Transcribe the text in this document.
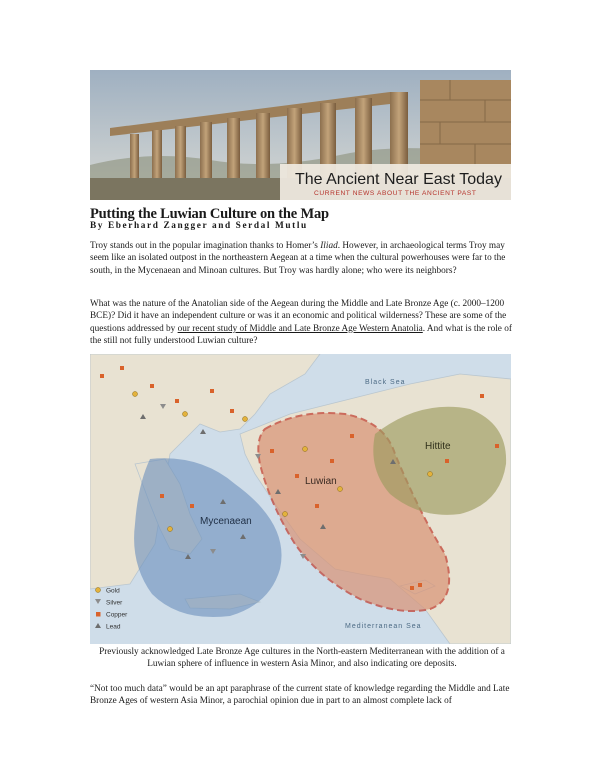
The Ancient Near East Today
CURRENT NEWS ABOUT THE ANCIENT PAST
Putting the Luwian Culture on the Map
By Eberhard Zangger and Serdal Mutlu

Troy stands out in the popular imagination thanks to Homer’s Iliad. However, in archaeological terms Troy may seem like an isolated outpost in the northeastern Aegean at a time when the cultural powerhouses were far to the south, in the Mycenaean and Minoan cultures. But Troy was hardly alone; who were its neighbors?

What was the nature of the Anatolian side of the Aegean during the Middle and Late Bronze Age (c. 2000–1200 BCE)? Did it have an independent culture or was it an economic and political wilderness? These are some of the questions addressed by our recent study of Middle and Late Bronze Age Western Anatolia. And what is the role of the still not fully understood Luwian culture?

Black Sea
Mediterranean Sea
Luwian
Hittite
Mycenaean
Gold
Silver
Copper
Lead

Previously acknowledged Late Bronze Age cultures in the North-eastern Mediterranean with the addition of a Luwian sphere of influence in western Asia Minor, and also indicating ore deposits.

“Not too much data” would be an apt paraphrase of the current state of knowledge regarding the Middle and Late Bronze Ages of western Asia Minor, a parochial opinion due in part to an almost complete lack of
